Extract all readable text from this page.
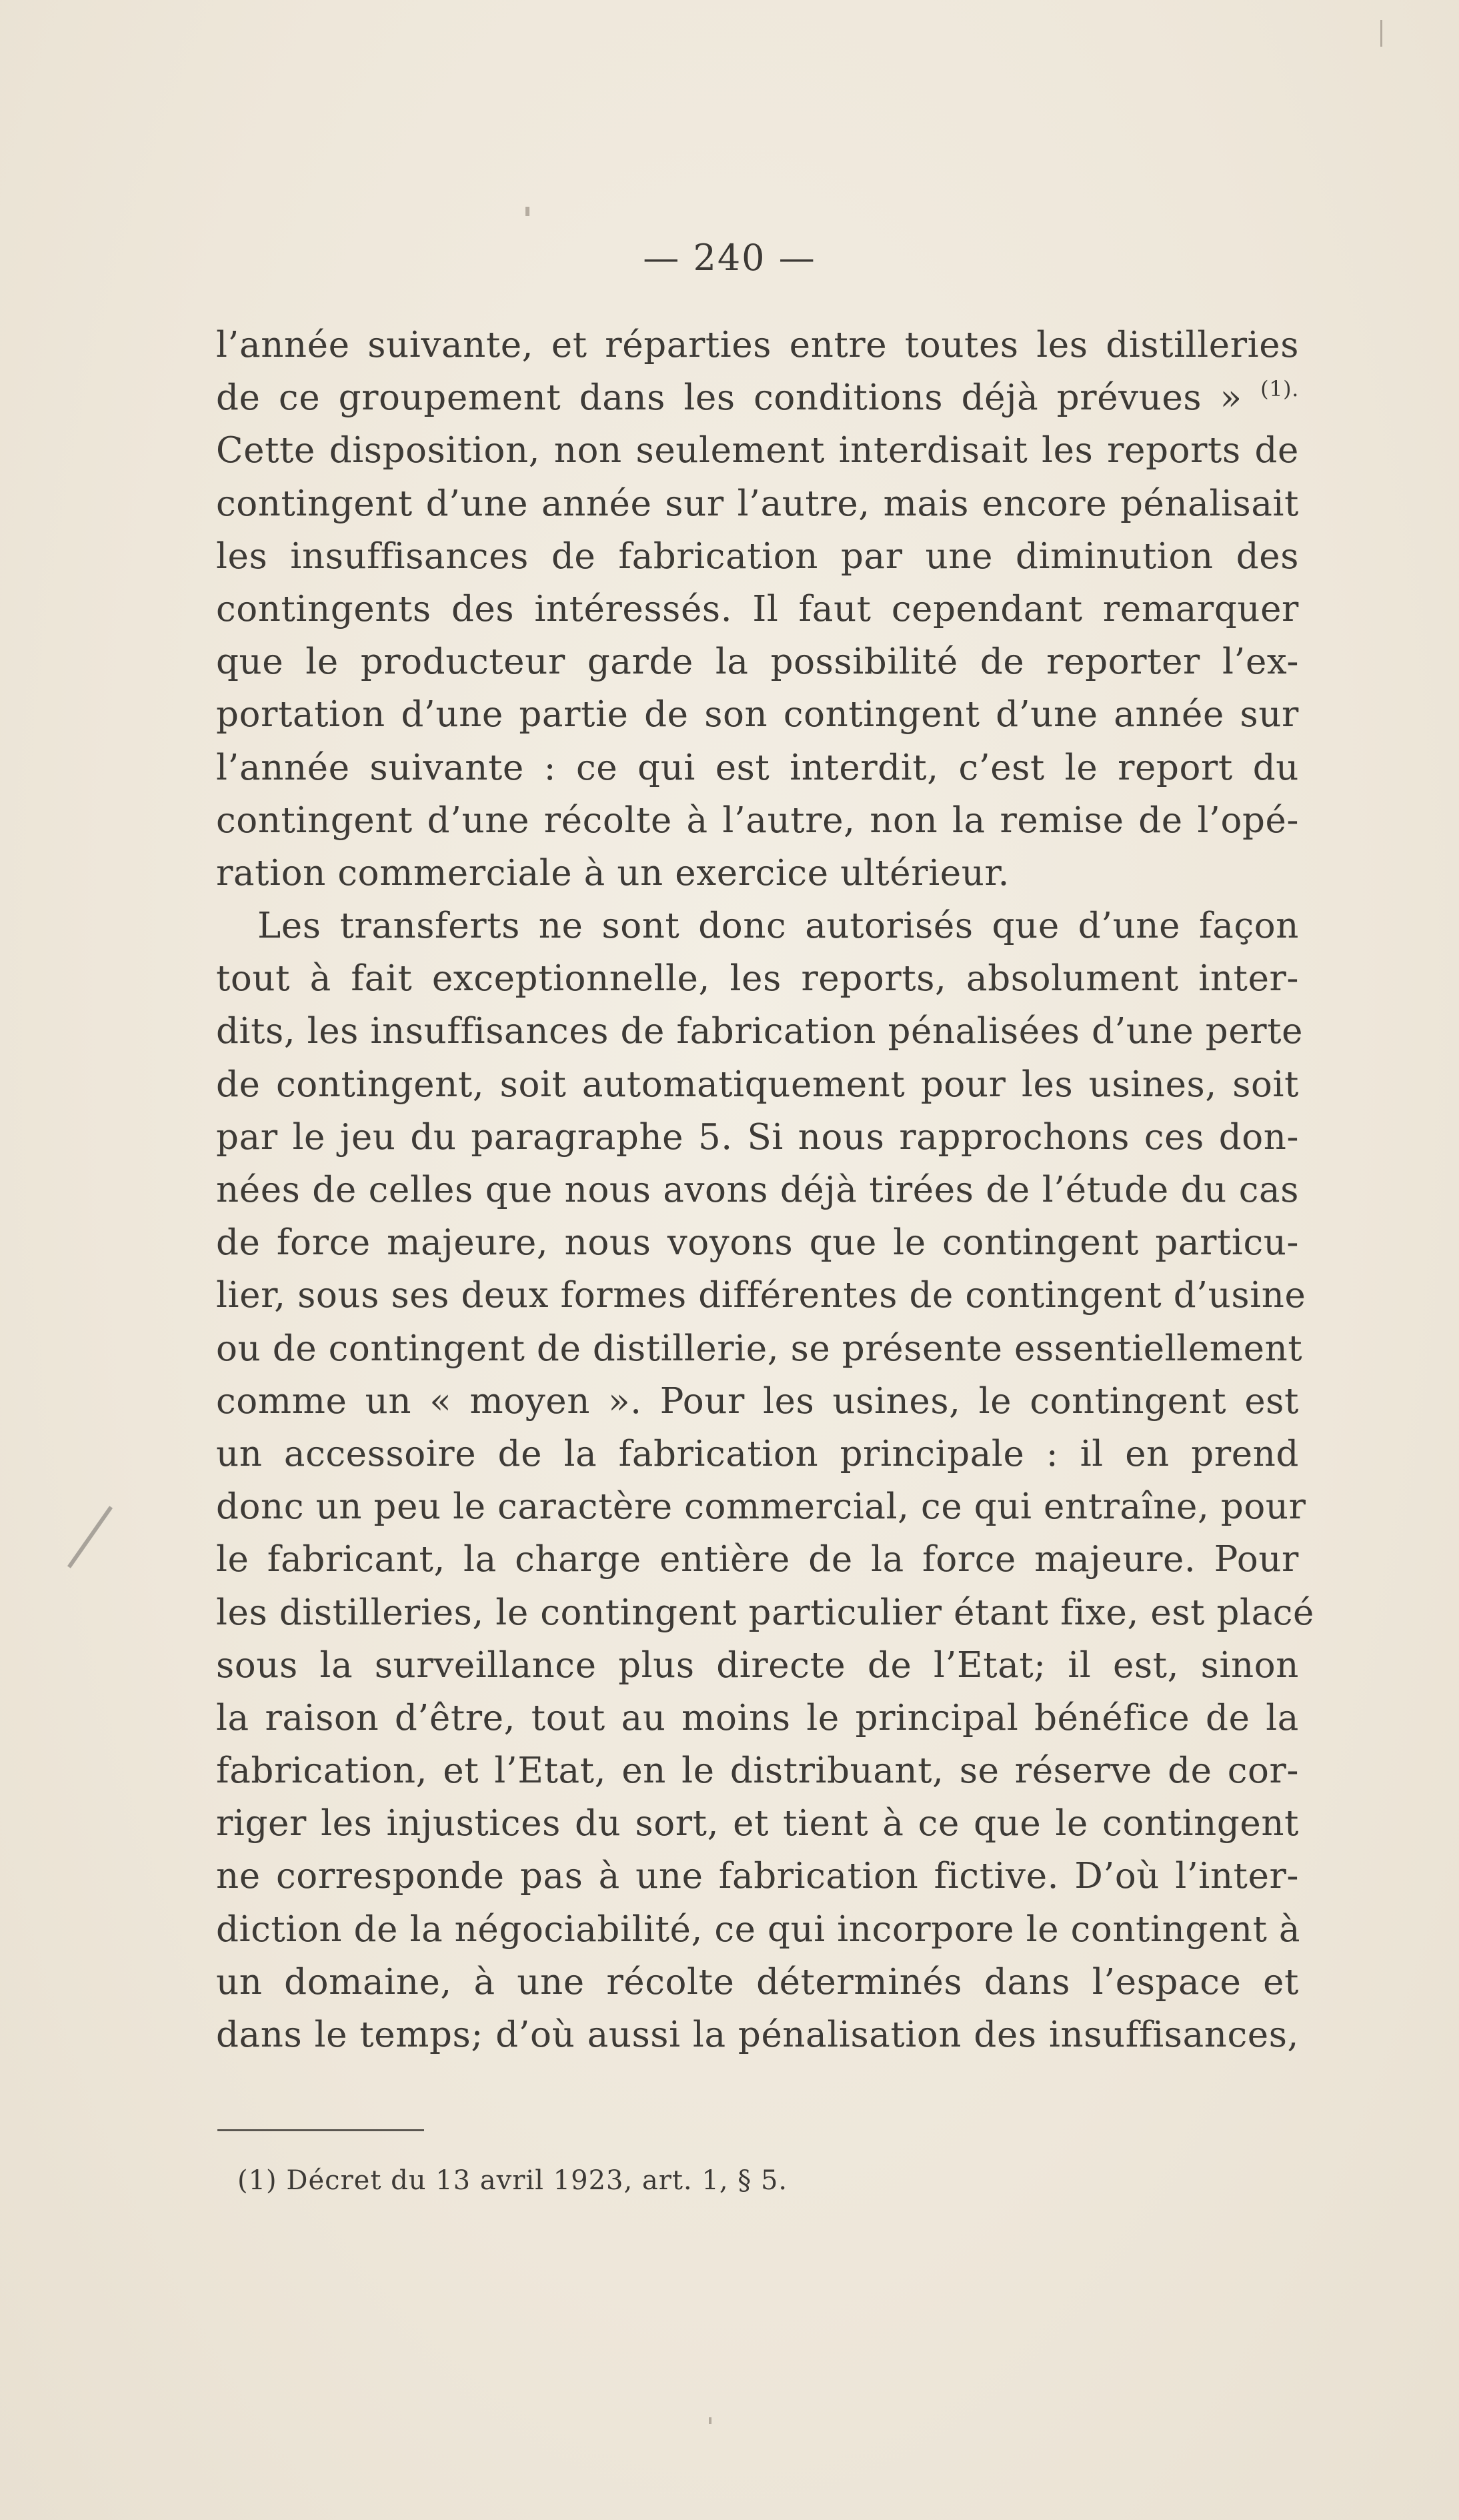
— 240 —
l’année suivante, et réparties entre toutes les distilleries
de ce groupement dans les conditions déjà prévues » $^{(1).}$
Cette disposition, non seulement interdisait les reports de
contingent d’une année sur l’autre, mais encore pénalisait
les insuffisances de fabrication par une diminution des
contingents des intéressés. Il faut cependant remarquer
que le producteur garde la possibilité de reporter l’ex-
portation d’une partie de son contingent d’une année sur
l’année suivante : ce qui est interdit, c’est le report du
contingent d’une récolte à l’autre, non la remise de l’opé-
ration commerciale à un exercice ultérieur.
Les transferts ne sont donc autorisés que d’une façon
tout à fait exceptionnelle, les reports, absolument inter-
dits, les insuffisances de fabrication pénalisées d’une perte
de contingent, soit automatiquement pour les usines, soit
par le jeu du paragraphe 5. Si nous rapprochons ces don-
nées de celles que nous avons déjà tirées de l’étude du cas
de force majeure, nous voyons que le contingent particu-
lier, sous ses deux formes différentes de contingent d’usine
ou de contingent de distillerie, se présente essentiellement
comme un « moyen ». Pour les usines, le contingent est
un accessoire de la fabrication principale : il en prend
donc un peu le caractère commercial, ce qui entraîne, pour
le fabricant, la charge entière de la force majeure. Pour
les distilleries, le contingent particulier étant fixe, est placé
sous la surveillance plus directe de l’Etat; il est, sinon
la raison d’être, tout au moins le principal bénéfice de la
fabrication, et l’Etat, en le distribuant, se réserve de cor-
riger les injustices du sort, et tient à ce que le contingent
ne corresponde pas à une fabrication fictive. D’où l’inter-
diction de la négociabilité, ce qui incorpore le contingent à
un domaine, à une récolte déterminés dans l’espace et
dans le temps; d’où aussi la pénalisation des insuffisances,
(1) Décret du 13 avril 1923, art. 1, § 5.
